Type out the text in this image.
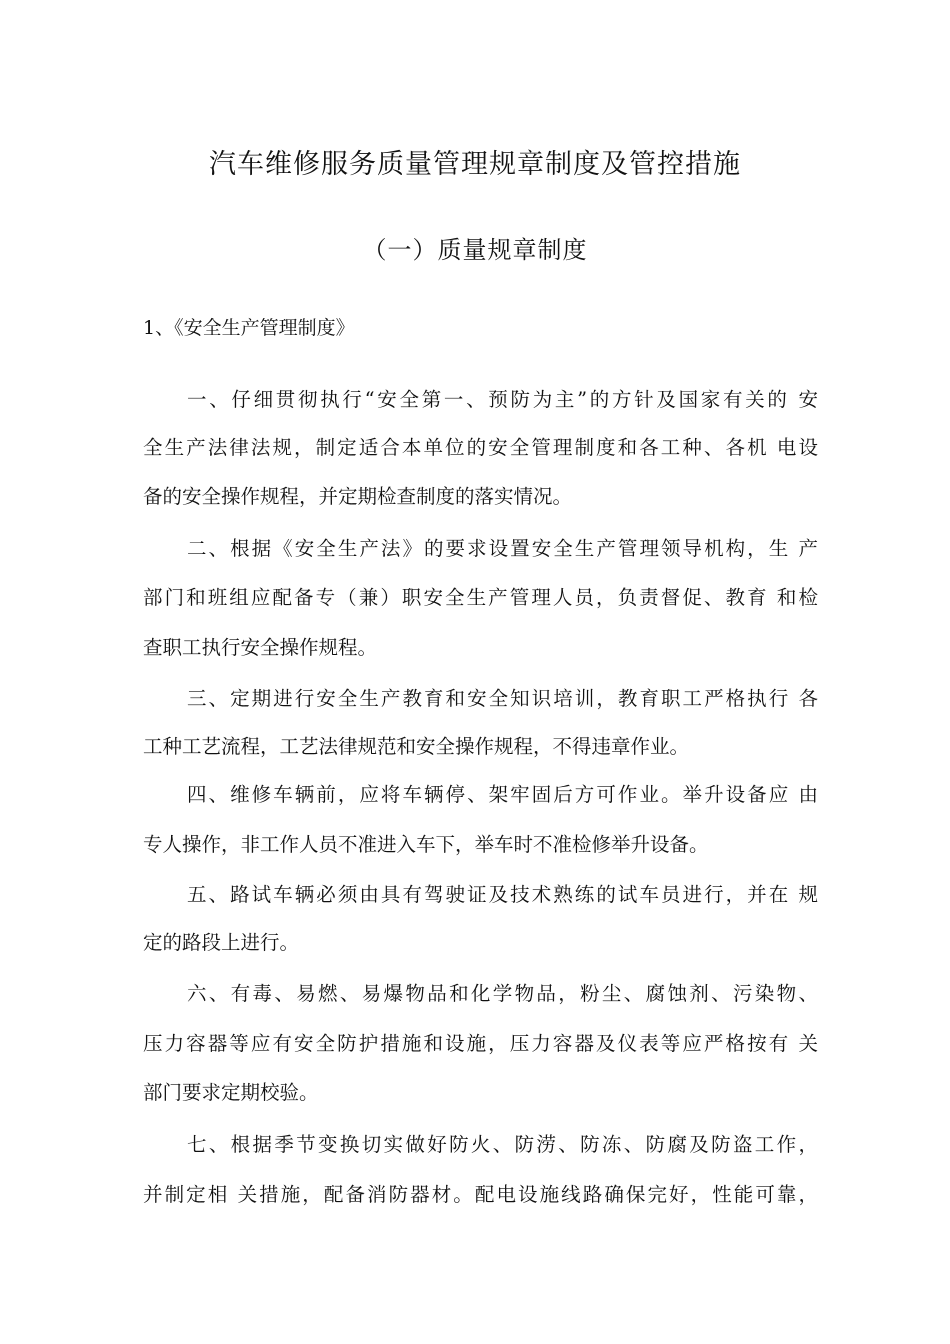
汽车维修服务质量管理规章制度及管控措施
（一）质量规章制度
1、《安全生产管理制度》
一、仔细贯彻执行“安全第一、预防为主”的方针及国家有关的 安
全生产法律法规，制定适合本单位的安全管理制度和各工种、各机 电设
备的安全操作规程，并定期检查制度的落实情况。
二、根据《安全生产法》的要求设置安全生产管理领导机构，生 产
部门和班组应配备专（兼）职安全生产管理人员，负责督促、教育 和检
查职工执行安全操作规程。
三、定期进行安全生产教育和安全知识培训，教育职工严格执行 各
工种工艺流程，工艺法律规范和安全操作规程，不得违章作业。
四、维修车辆前，应将车辆停、架牢固后方可作业。举升设备应 由
专人操作，非工作人员不准进入车下，举车时不准检修举升设备。
五、路试车辆必须由具有驾驶证及技术熟练的试车员进行，并在 规
定的路段上进行。
六、有毒、易燃、易爆物品和化学物品，粉尘、腐蚀剂、污染物、
压力容器等应有安全防护措施和设施，压力容器及仪表等应严格按有 关
部门要求定期校验。
七、根据季节变换切实做好防火、防涝、防冻、防腐及防盗工作，
并制定相 关措施，配备消防器材。配电设施线路确保完好，性能可靠，
